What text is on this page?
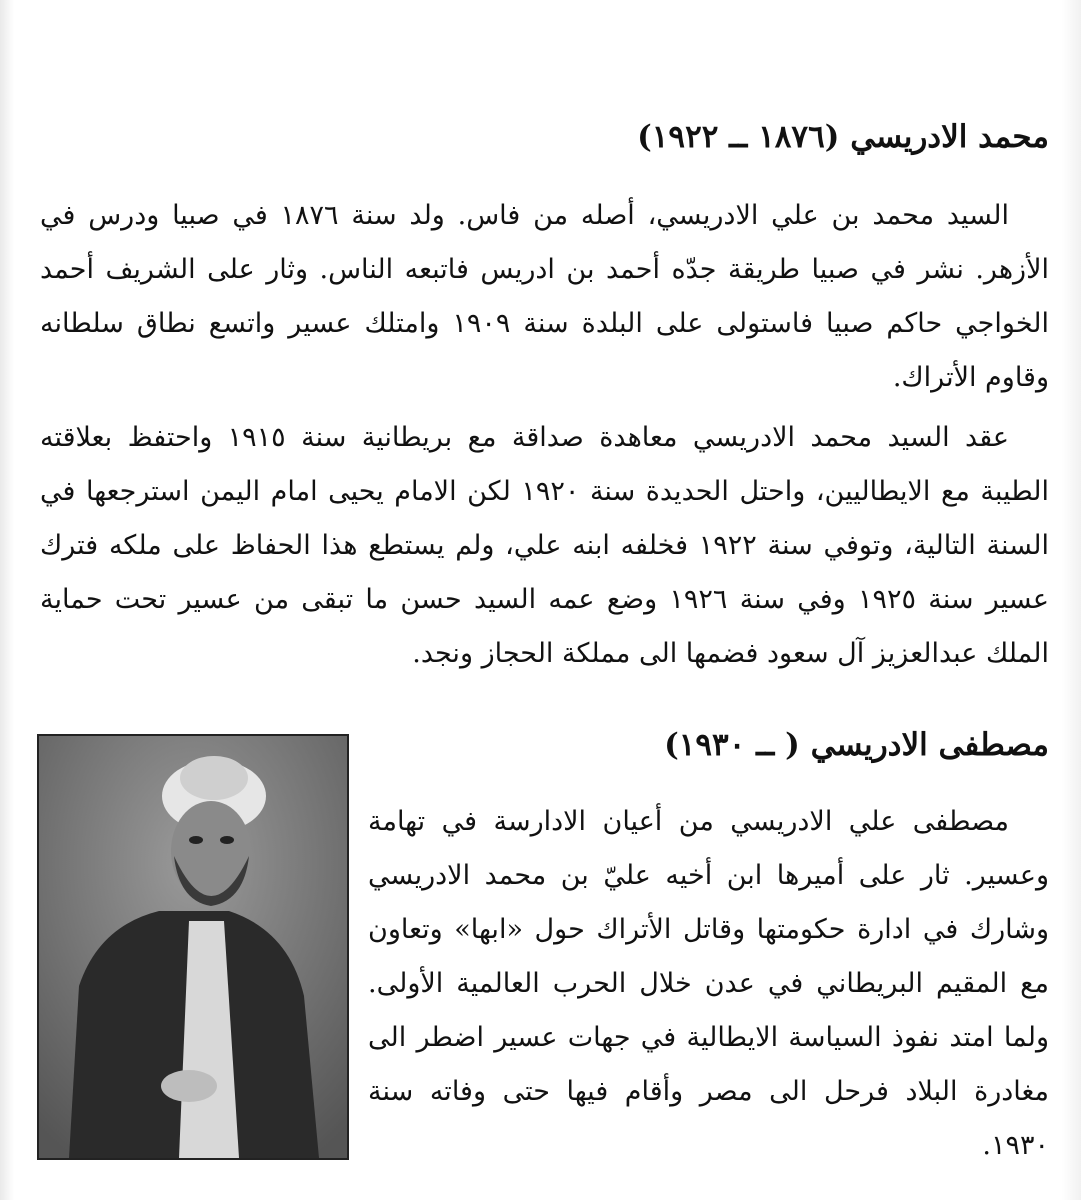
محمد الادريسي (١٨٧٦ ــ ١٩٢٢)

السيد محمد بن علي الادريسي، أصله من فاس. ولد سنة ١٨٧٦ في صبيا ودرس في الأزهر. نشر في صبيا طريقة جدّه أحمد بن ادريس فاتبعه الناس. وثار على الشريف أحمد الخواجي حاكم صبيا فاستولى على البلدة سنة ١٩٠٩ وامتلك عسير واتسع نطاق سلطانه وقاوم الأتراك.

عقد السيد محمد الادريسي معاهدة صداقة مع بريطانية سنة ١٩١٥ واحتفظ بعلاقته الطيبة مع الايطاليين، واحتل الحديدة سنة ١٩٢٠ لكن الامام يحيى امام اليمن استرجعها في السنة التالية، وتوفي سنة ١٩٢٢ فخلفه ابنه علي، ولم يستطع هذا الحفاظ على ملكه فترك عسير سنة ١٩٢٥ وفي سنة ١٩٢٦ وضع عمه السيد حسن ما تبقى من عسير تحت حماية الملك عبدالعزيز آل سعود فضمها الى مملكة الحجاز ونجد.

مصطفى الادريسي ( ــ ١٩٣٠)

مصطفى علي الادريسي من أعيان الادارسة في تهامة وعسير. ثار على أميرها ابن أخيه عليّ بن محمد الادريسي وشارك في ادارة حكومتها وقاتل الأتراك حول «ابها» وتعاون مع المقيم البريطاني في عدن خلال الحرب العالمية الأولى. ولما امتد نفوذ السياسة الايطالية في جهات عسير اضطر الى مغادرة البلاد فرحل الى مصر وأقام فيها حتى وفاته سنة ١٩٣٠.
